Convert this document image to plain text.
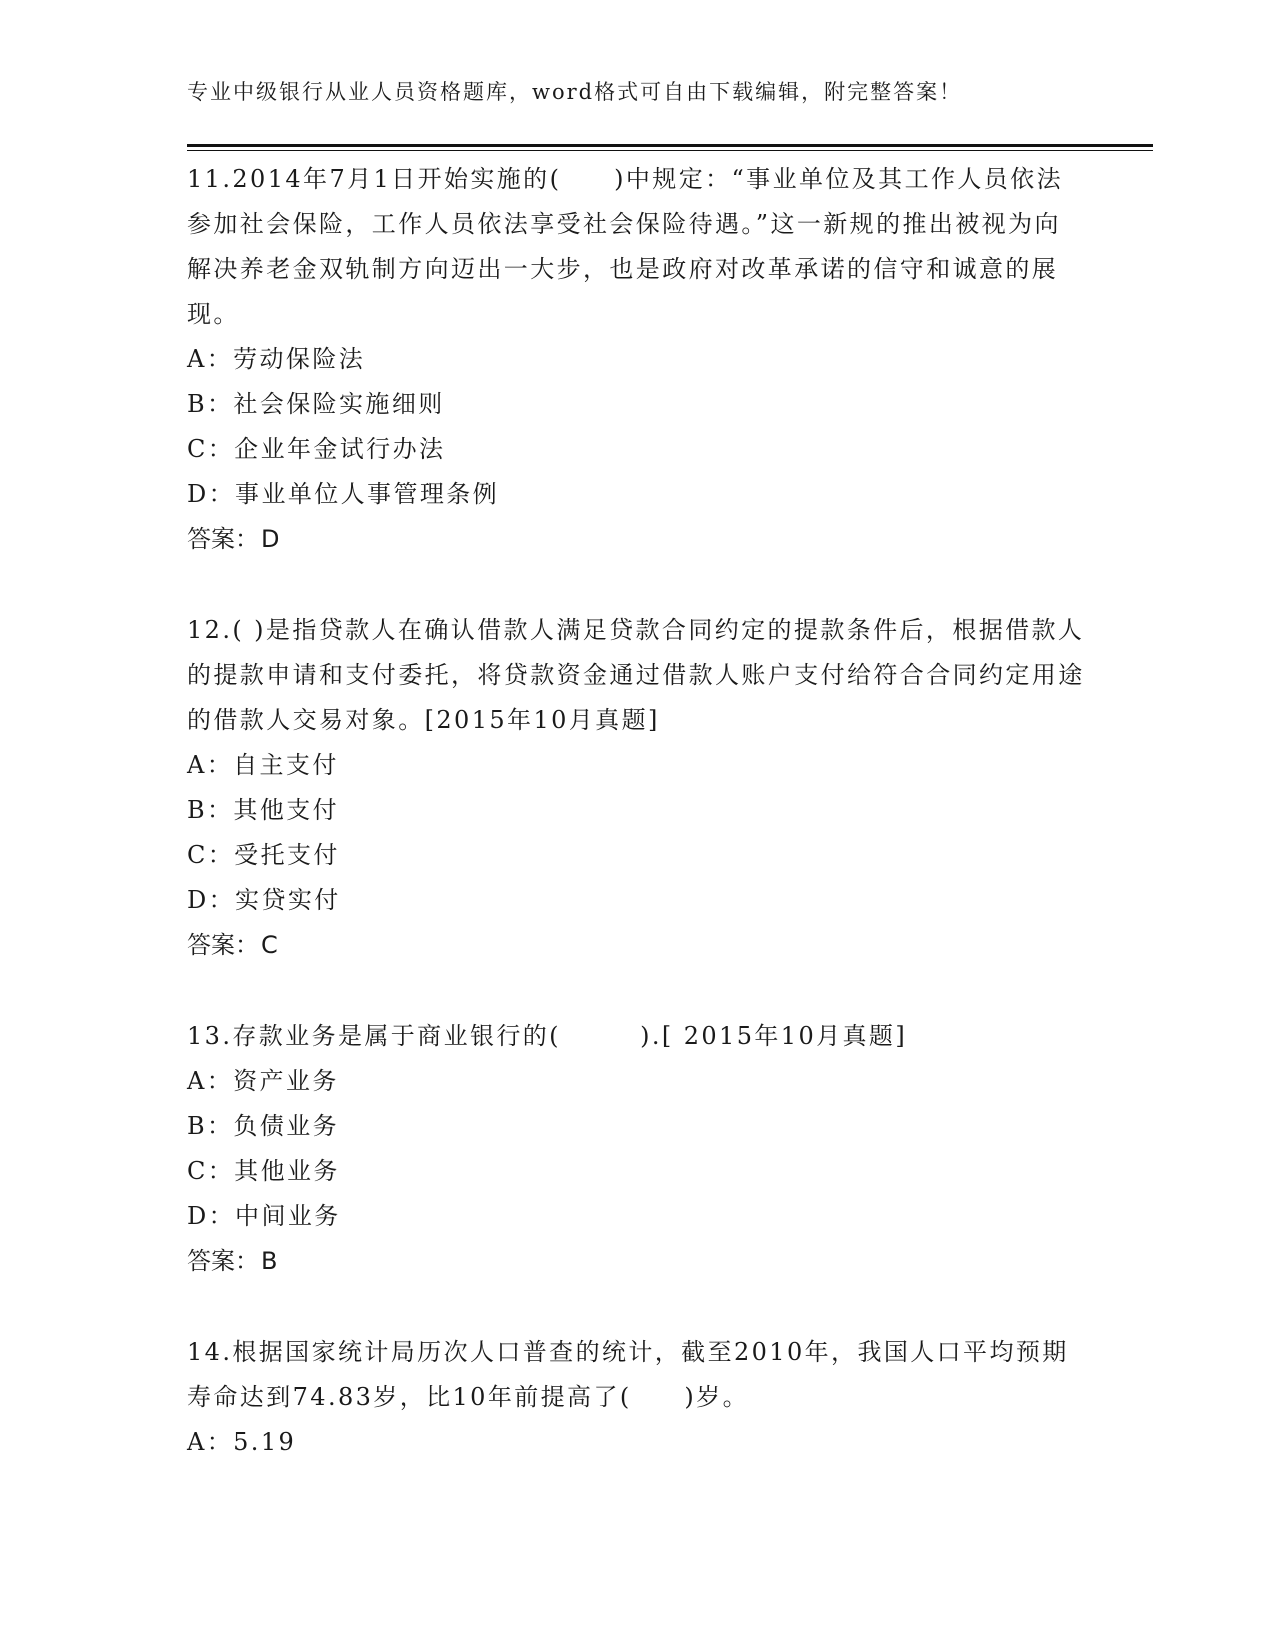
专业中级银行从业人员资格题库，word格式可自由下载编辑，附完整答案！

11.2014年7月1日开始实施的(　　)中规定：“事业单位及其工作人员依法参加社会保险，工作人员依法享受社会保险待遇。”这一新规的推出被视为向解决养老金双轨制方向迈出一大步，也是政府对改革承诺的信守和诚意的展现。

A：劳动保险法

B：社会保险实施细则

C：企业年金试行办法

D：事业单位人事管理条例

答案：D

12.( )是指贷款人在确认借款人满足贷款合同约定的提款条件后，根据借款人的提款申请和支付委托，将贷款资金通过借款人账户支付给符合合同约定用途的借款人交易对象。[2015年10月真题]

A：自主支付

B：其他支付

C：受托支付

D：实贷实付

答案：C

13.存款业务是属于商业银行的(　　　).[ 2015年10月真题]

A：资产业务

B：负债业务

C：其他业务

D：中间业务

答案：B

14.根据国家统计局历次人口普查的统计，截至2010年，我国人口平均预期寿命达到74.83岁，比10年前提高了(　　)岁。

A：5.19
